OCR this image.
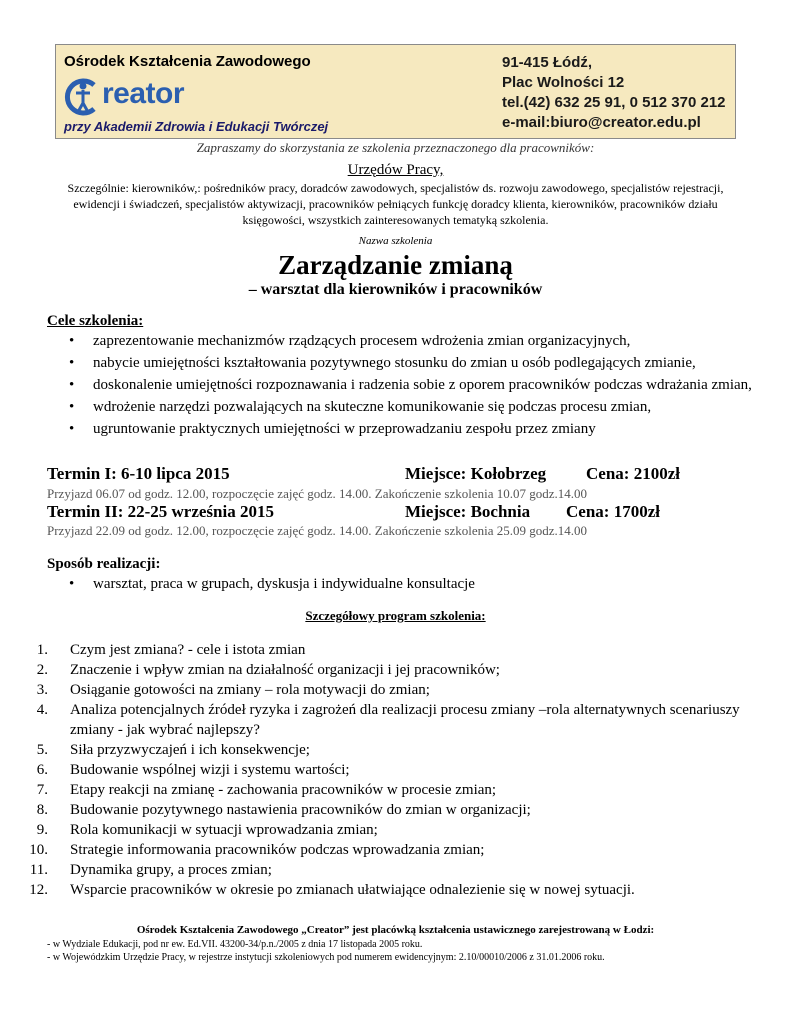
Ośrodek Kształcenia Zawodowego
reator
przy Akademii Zdrowia i Edukacji Twórczej
91-415 Łódź,
Plac Wolności 12
tel.(42) 632 25 91, 0 512 370 212
e-mail:biuro@creator.edu.pl
Zapraszamy do skorzystania ze szkolenia przeznaczonego dla pracowników:
Urzędów Pracy,
Szczególnie: kierowników,: pośredników pracy, doradców zawodowych, specjalistów ds. rozwoju zawodowego, specjalistów rejestracji, ewidencji i świadczeń, specjalistów aktywizacji, pracowników pełniących funkcję doradcy klienta, kierowników, pracowników działu księgowości, wszystkich zainteresowanych tematyką szkolenia.
Nazwa szkolenia
Zarządzanie zmianą
– warsztat dla kierowników i pracowników
Cele szkolenia:
• zaprezentowanie mechanizmów rządzących procesem wdrożenia zmian organizacyjnych,
• nabycie umiejętności kształtowania pozytywnego stosunku do zmian u osób podlegających zmianie,
• doskonalenie umiejętności rozpoznawania i radzenia sobie z oporem pracowników podczas wdrażania zmian,
• wdrożenie narzędzi pozwalających na skuteczne komunikowanie się podczas procesu zmian,
• ugruntowanie praktycznych umiejętności w przeprowadzaniu zespołu przez zmiany
Termin I: 6-10 lipca 2015	Miejsce: Kołobrzeg Cena: 2100zł
Przyjazd 06.07 od godz. 12.00, rozpoczęcie zajęć godz. 14.00. Zakończenie szkolenia 10.07 godz.14.00
Termin II: 22-25 września 2015	Miejsce: Bochnia Cena: 1700zł
Przyjazd 22.09 od godz. 12.00, rozpoczęcie zajęć godz. 14.00. Zakończenie szkolenia 25.09 godz.14.00
Sposób realizacji:
• warsztat, praca w grupach, dyskusja i indywidualne konsultacje
Szczegółowy program szkolenia:
1. Czym jest zmiana? - cele i istota zmian
2. Znaczenie i wpływ zmian na działalność organizacji i jej pracowników;
3. Osiąganie gotowości na zmiany – rola motywacji do zmian;
4. Analiza potencjalnych źródeł ryzyka i zagrożeń dla realizacji procesu zmiany –rola alternatywnych scenariuszy zmiany - jak wybrać najlepszy?
5. Siła przyzwyczajeń i ich konsekwencje;
6. Budowanie wspólnej wizji i systemu wartości;
7. Etapy reakcji na zmianę - zachowania pracowników w procesie zmian;
8. Budowanie pozytywnego nastawienia pracowników do zmian w organizacji;
9. Rola komunikacji w sytuacji wprowadzania zmian;
10. Strategie informowania pracowników podczas wprowadzania zmian;
11. Dynamika grupy, a proces zmian;
12. Wsparcie pracowników w okresie po zmianach ułatwiające odnalezienie się w nowej sytuacji.
Ośrodek Kształcenia Zawodowego „Creator” jest placówką kształcenia ustawicznego zarejestrowaną w Łodzi:
- w Wydziale Edukacji, pod nr ew. Ed.VII. 43200-34/p.n./2005 z dnia 17 listopada 2005 roku.
- w Wojewódzkim Urzędzie Pracy, w rejestrze instytucji szkoleniowych pod numerem ewidencyjnym: 2.10/00010/2006 z 31.01.2006 roku.
